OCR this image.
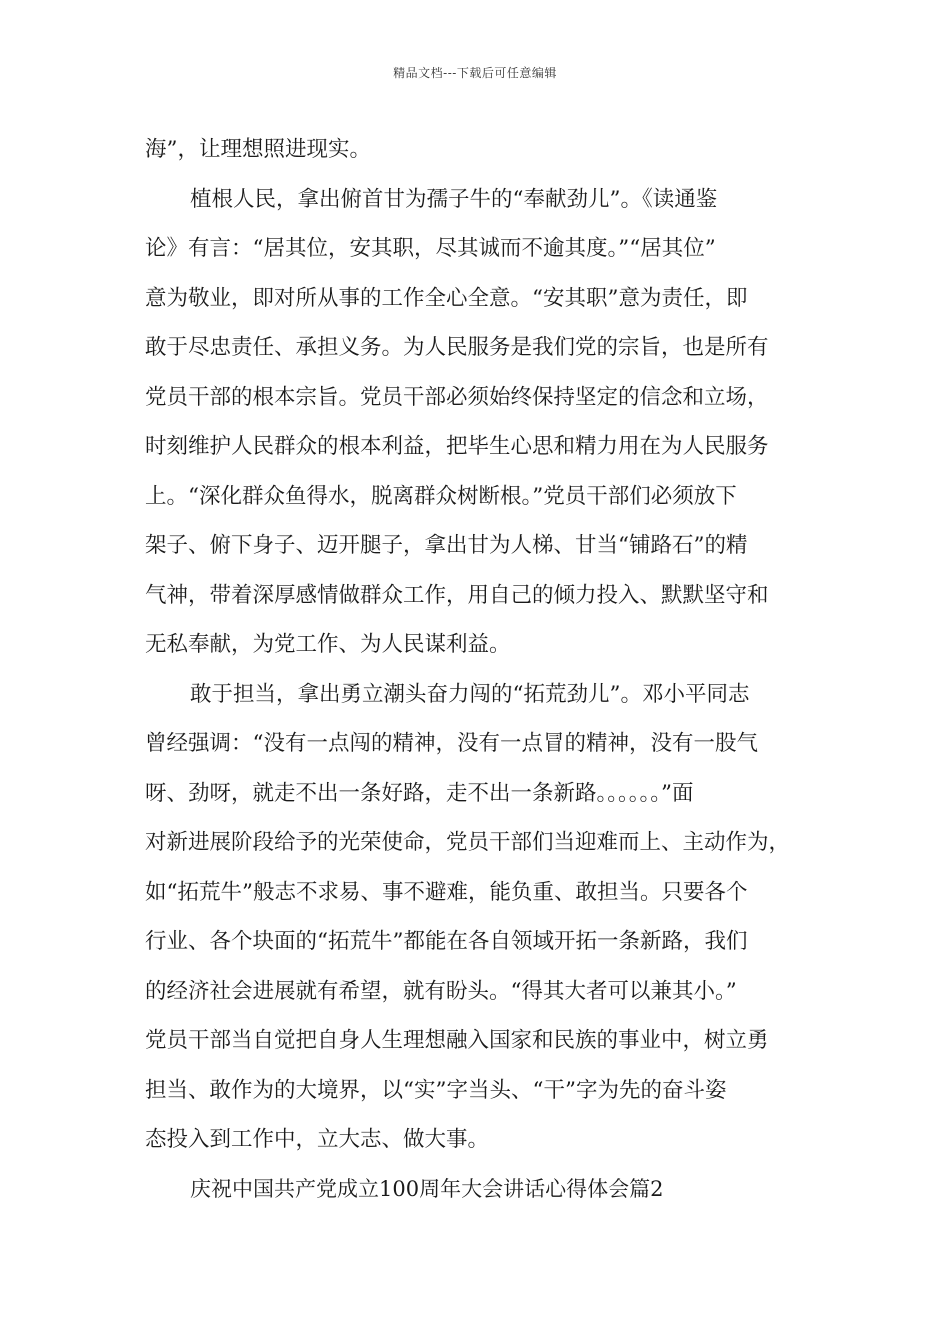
精品文档---下载后可任意编辑
海”，让理想照进现实。
植根人民，拿出俯首甘为孺子牛的“奉献劲儿”。《读通鉴
论》有言：“居其位，安其职，尽其诚而不逾其度。”“居其位”
意为敬业，即对所从事的工作全心全意。“安其职”意为责任，即
敢于尽忠责任、承担义务。为人民服务是我们党的宗旨，也是所有
党员干部的根本宗旨。党员干部必须始终保持坚定的信念和立场，
时刻维护人民群众的根本利益，把毕生心思和精力用在为人民服务
上。“深化群众鱼得水，脱离群众树断根。”党员干部们必须放下
架子、俯下身子、迈开腿子，拿出甘为人梯、甘当“铺路石”的精
气神，带着深厚感情做群众工作，用自己的倾力投入、默默坚守和
无私奉献，为党工作、为人民谋利益。
敢于担当，拿出勇立潮头奋力闯的“拓荒劲儿”。邓小平同志
曾经强调：“没有一点闯的精神，没有一点冒的精神，没有一股气
呀、劲呀，就走不出一条好路，走不出一条新路。。。。。。”面
对新进展阶段给予的光荣使命，党员干部们当迎难而上、主动作为，
如“拓荒牛”般志不求易、事不避难，能负重、敢担当。只要各个
行业、各个块面的“拓荒牛”都能在各自领域开拓一条新路，我们
的经济社会进展就有希望，就有盼头。“得其大者可以兼其小。”
党员干部当自觉把自身人生理想融入国家和民族的事业中，树立勇
担当、敢作为的大境界，以“实”字当头、“干”字为先的奋斗姿
态投入到工作中，立大志、做大事。
庆祝中国共产党成立100周年大会讲话心得体会篇2
